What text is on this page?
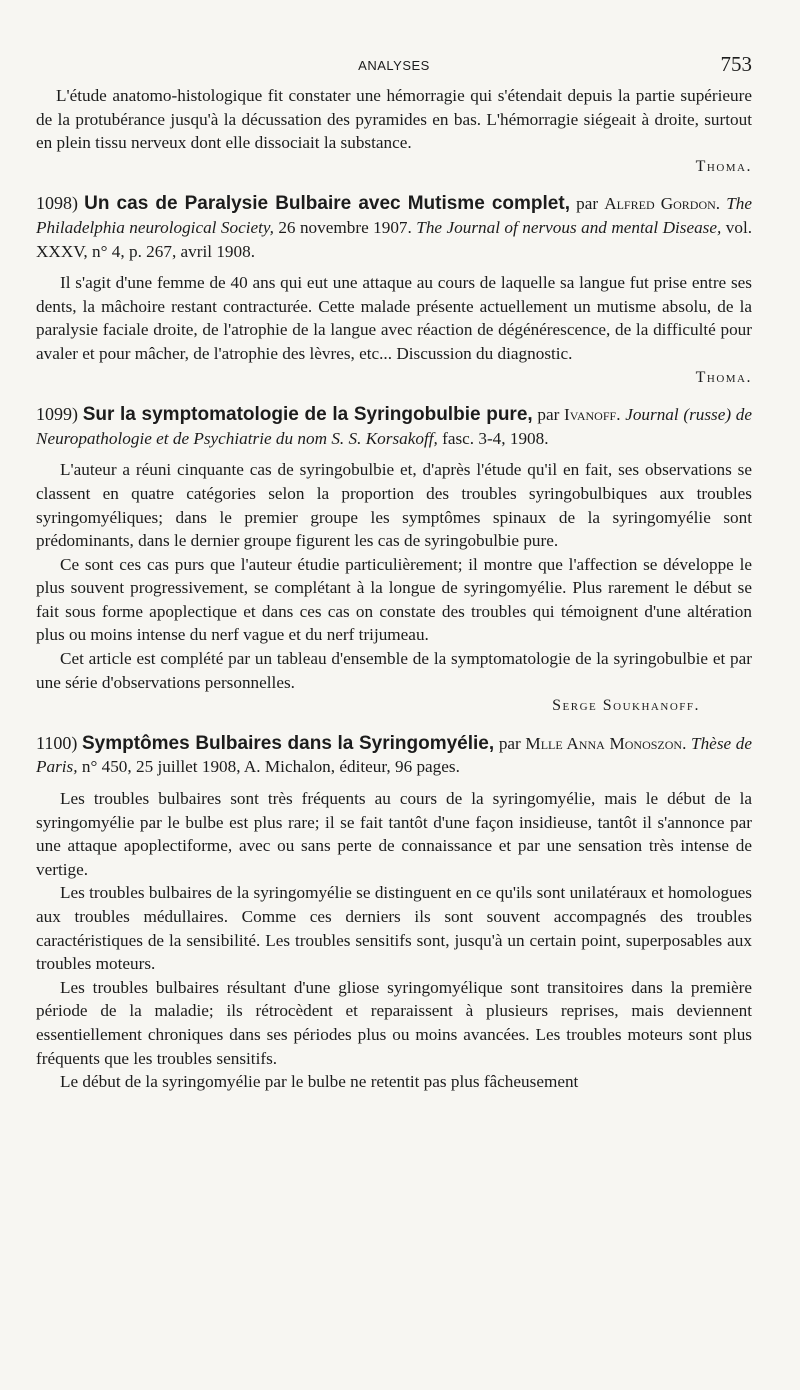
ANALYSES	753

L'étude anatomo-histologique fit constater une hémorragie qui s'étendait depuis la partie supérieure de la protubérance jusqu'à la décussation des pyramides en bas. L'hémorragie siégeait à droite, surtout en plein tissu nerveux dont elle dissociait la substance.

Thoma.
1098) Un cas de Paralysie Bulbaire avec Mutisme complet, par Alfred Gordon. The Philadelphia neurological Society, 26 novembre 1907. The Journal of nervous and mental Disease, vol. XXXV, n° 4, p. 267, avril 1908.

Il s'agit d'une femme de 40 ans qui eut une attaque au cours de laquelle sa langue fut prise entre ses dents, la mâchoire restant contracturée. Cette malade présente actuellement un mutisme absolu, de la paralysie faciale droite, de l'atrophie de la langue avec réaction de dégénérescence, de la difficulté pour avaler et pour mâcher, de l'atrophie des lèvres, etc... Discussion du diagnostic.

Thoma.
1099) Sur la symptomatologie de la Syringobulbie pure, par Ivanoff. Journal (russe) de Neuropathologie et de Psychiatrie du nom S. S. Korsakoff, fasc. 3-4, 1908.

L'auteur a réuni cinquante cas de syringobulbie et, d'après l'étude qu'il en fait, ses observations se classent en quatre catégories selon la proportion des troubles syringobulbiques aux troubles syringomyéliques; dans le premier groupe les symptômes spinaux de la syringomyélie sont prédominants, dans le dernier groupe figurent les cas de syringobulbie pure.

Ce sont ces cas purs que l'auteur étudie particulièrement; il montre que l'affection se développe le plus souvent progressivement, se complétant à la longue de syringomyélie. Plus rarement le début se fait sous forme apoplectique et dans ces cas on constate des troubles qui témoignent d'une altération plus ou moins intense du nerf vague et du nerf trijumeau.

Cet article est complété par un tableau d'ensemble de la symptomatologie de la syringobulbie et par une série d'observations personnelles.

Serge Soukhanoff.
1100) Symptômes Bulbaires dans la Syringomyélie, par Mlle Anna Monoszon. Thèse de Paris, n° 450, 25 juillet 1908, A. Michalon, éditeur, 96 pages.

Les troubles bulbaires sont très fréquents au cours de la syringomyélie, mais le début de la syringomyélie par le bulbe est plus rare; il se fait tantôt d'une façon insidieuse, tantôt il s'annonce par une attaque apoplectiforme, avec ou sans perte de connaissance et par une sensation très intense de vertige.

Les troubles bulbaires de la syringomyélie se distinguent en ce qu'ils sont unilatéraux et homologues aux troubles médullaires. Comme ces derniers ils sont souvent accompagnés des troubles caractéristiques de la sensibilité. Les troubles sensitifs sont, jusqu'à un certain point, superposables aux troubles moteurs.

Les troubles bulbaires résultant d'une gliose syringomyélique sont transitoires dans la première période de la maladie; ils rétrocèdent et reparaissent à plusieurs reprises, mais deviennent essentiellement chroniques dans ses périodes plus ou moins avancées. Les troubles moteurs sont plus fréquents que les troubles sensitifs.

Le début de la syringomyélie par le bulbe ne retentit pas plus fâcheusement
